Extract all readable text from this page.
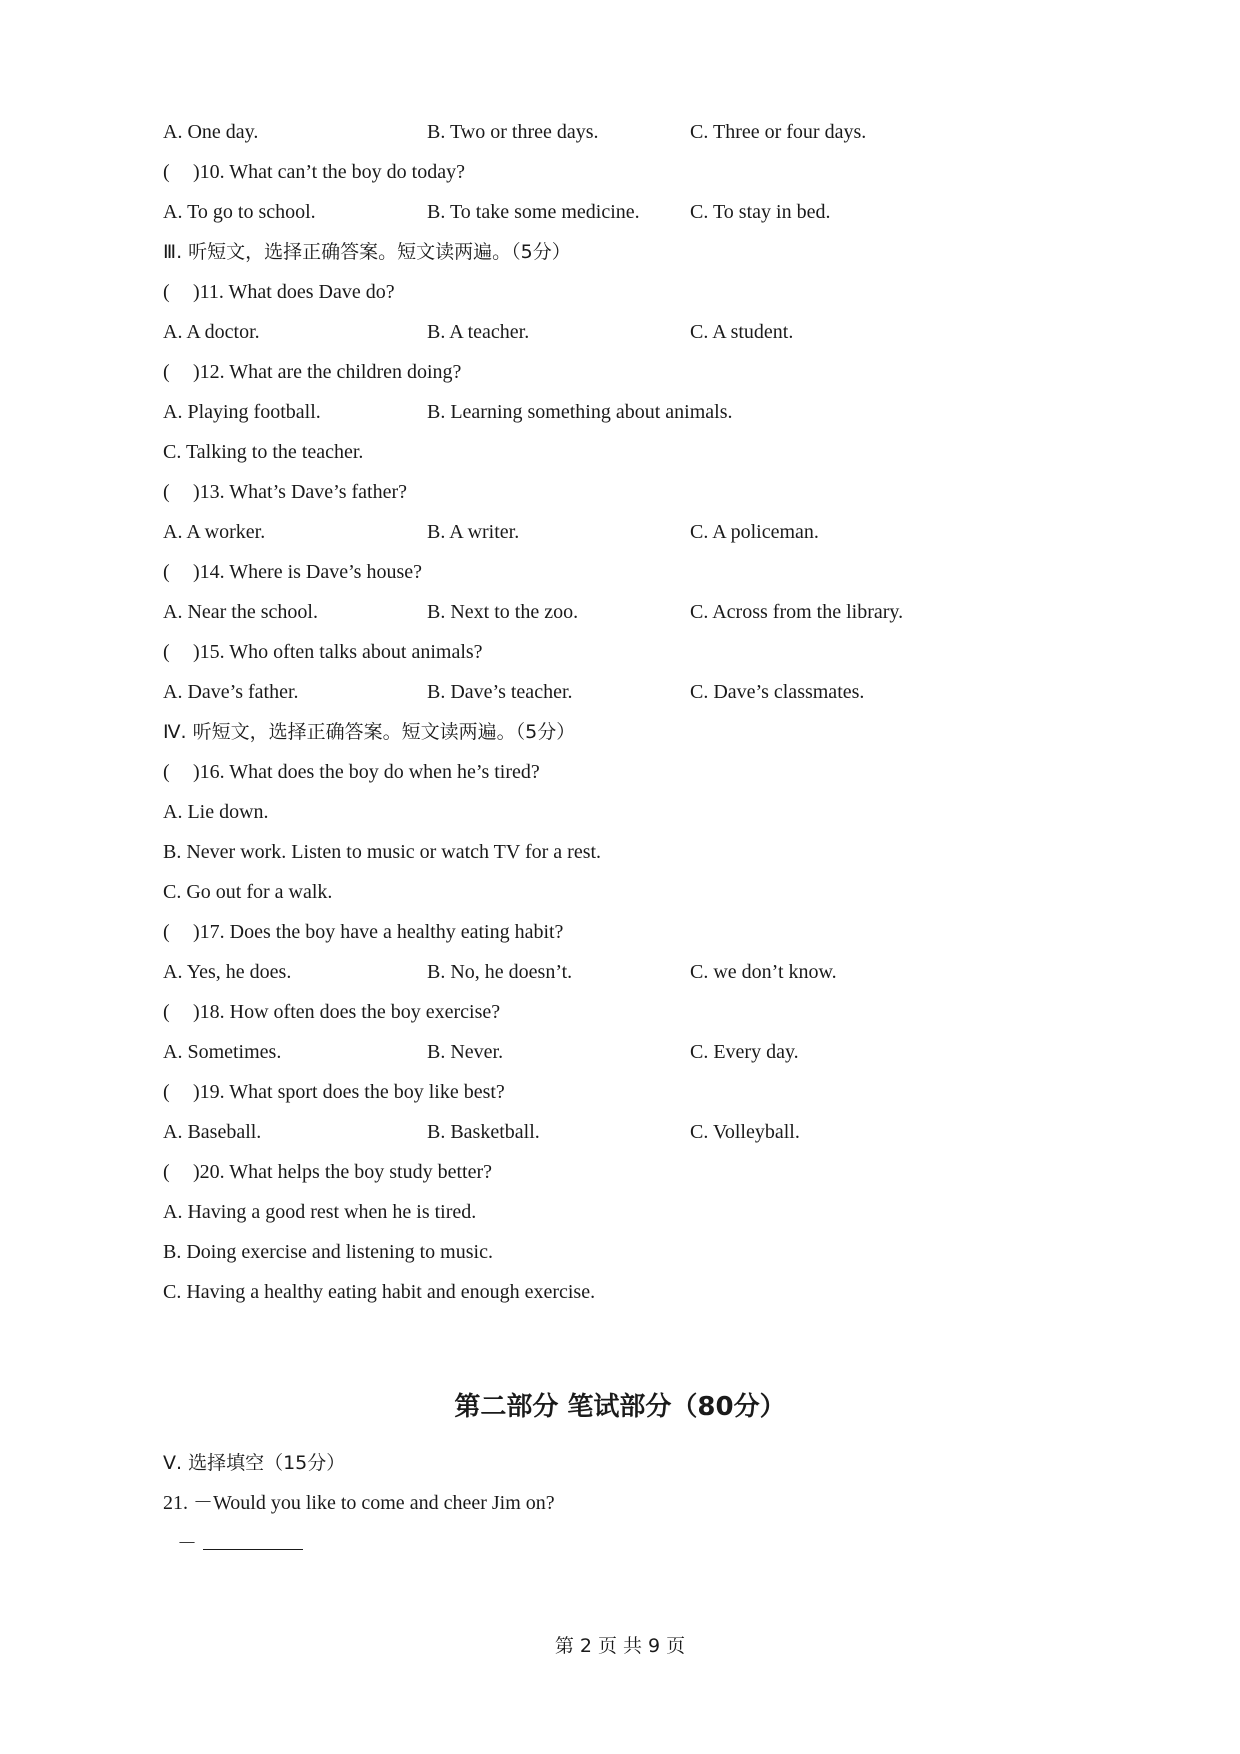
A. One day.	B. Two or three days.	C. Three or four days.
( )10. What can’t the boy do today?
A. To go to school.	B. To take some medicine.	C. To stay in bed.
Ⅲ. 听短文，选择正确答案。短文读两遍。（5分）
( )11. What does Dave do?
A. A doctor.	B. A teacher.	C. A student.
( )12. What are the children doing?
A. Playing football.	B. Learning something about animals.
C. Talking to the teacher.
( )13. What’s Dave’s father?
A. A worker.	B. A writer.	C. A policeman.
( )14. Where is Dave’s house?
A. Near the school.	B. Next to the zoo.	C. Across from the library.
( )15. Who often talks about animals?
A. Dave’s father.	B. Dave’s teacher.	C. Dave’s classmates.
Ⅳ. 听短文，选择正确答案。短文读两遍。（5分）
( )16. What does the boy do when he’s tired?
A. Lie down.
B. Never work. Listen to music or watch TV for a rest.
C. Go out for a walk.
( )17. Does the boy have a healthy eating habit?
A. Yes, he does.	B. No, he doesn’t.	C. we don’t know.
( )18. How often does the boy exercise?
A. Sometimes.	B. Never.	C. Every day.
( )19. What sport does the boy like best?
A. Baseball.	B. Basketball.	C. Volleyball.
( )20. What helps the boy study better?
A. Having a good rest when he is tired.
B. Doing exercise and listening to music.
C. Having a healthy eating habit and enough exercise.
第二部分 笔试部分（80分）
Ⅴ. 选择填空（15分）
21. －Would you like to come and cheer Jim on?
－
第 2 页 共 9 页
